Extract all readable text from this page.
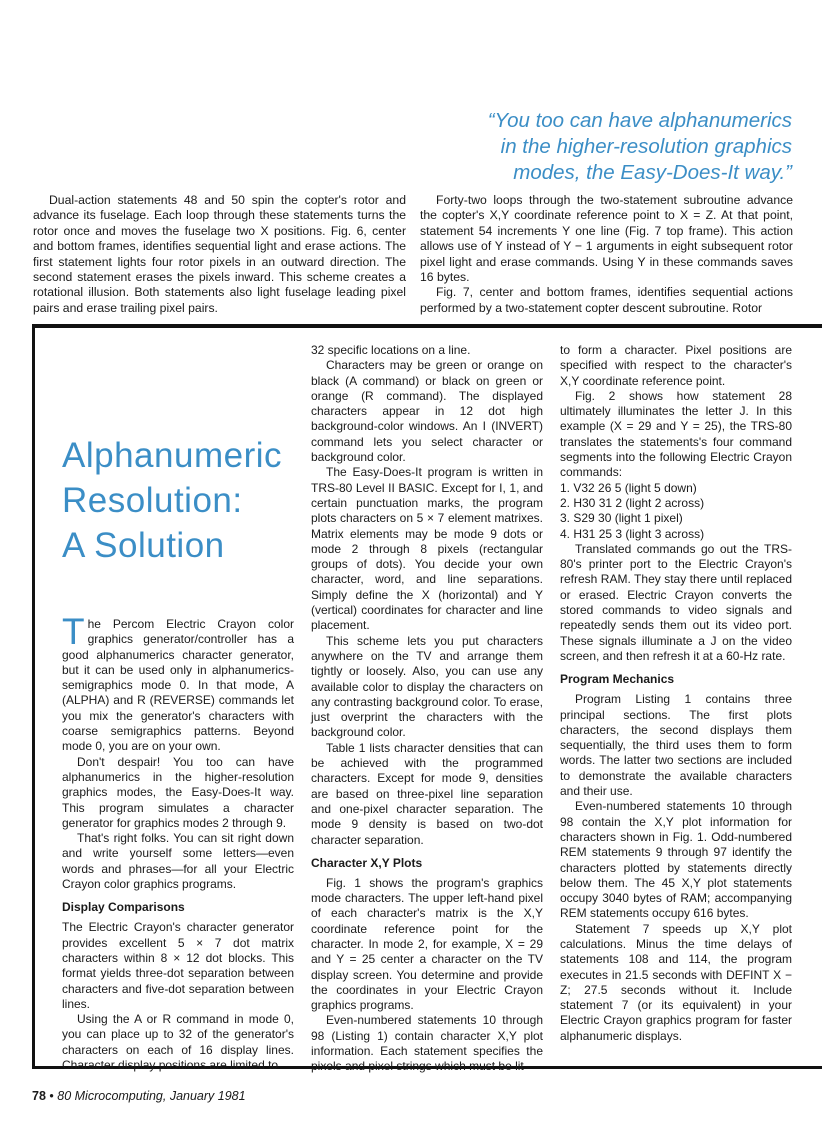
“You too can have alphanumerics
in the higher-resolution graphics
modes, the Easy-Does-It way.”

Dual-action statements 48 and 50 spin the copter's rotor and advance its fuselage. Each loop through these statements turns the rotor once and moves the fuselage two X positions. Fig. 6, center and bottom frames, identifies sequential light and erase actions. The first statement lights four rotor pixels in an outward direction. The second statement erases the pixels inward. This scheme creates a rotational illusion. Both statements also light fuselage leading pixel pairs and erase trailing pixel pairs.

Forty-two loops through the two-statement subroutine advance the copter's X,Y coordinate reference point to X = Z. At that point, statement 54 increments Y one line (Fig. 7 top frame). This action allows use of Y instead of Y − 1 arguments in eight subsequent rotor pixel light and erase commands. Using Y in these commands saves 16 bytes.

Fig. 7, center and bottom frames, identifies sequential actions performed by a two-statement copter descent subroutine. Rotor

Alphanumeric
Resolution:
A Solution

The Percom Electric Crayon color graphics generator/controller has a good alphanumerics character generator, but it can be used only in alphanumerics-semigraphics mode 0. In that mode, A (ALPHA) and R (REVERSE) commands let you mix the generator's characters with coarse semigraphics patterns. Beyond mode 0, you are on your own.

Don't despair! You too can have alphanumerics in the higher-resolution graphics modes, the Easy-Does-It way. This program simulates a character generator for graphics modes 2 through 9.

That's right folks. You can sit right down and write yourself some letters—even words and phrases—for all your Electric Crayon color graphics programs.

Display Comparisons

The Electric Crayon's character generator provides excellent 5 × 7 dot matrix characters within 8 × 12 dot blocks. This format yields three-dot separation between characters and five-dot separation between lines.

Using the A or R command in mode 0, you can place up to 32 of the generator's characters on each of 16 display lines. Character display positions are limited to

32 specific locations on a line.

Characters may be green or orange on black (A command) or black on green or orange (R command). The displayed characters appear in 12 dot high background-color windows. An I (INVERT) command lets you select character or background color.

The Easy-Does-It program is written in TRS-80 Level II BASIC. Except for I, 1, and certain punctuation marks, the program plots characters on 5 × 7 element matrixes. Matrix elements may be mode 9 dots or mode 2 through 8 pixels (rectangular groups of dots). You decide your own character, word, and line separations. Simply define the X (horizontal) and Y (vertical) coordinates for character and line placement.

This scheme lets you put characters anywhere on the TV and arrange them tightly or loosely. Also, you can use any available color to display the characters on any contrasting background color. To erase, just overprint the characters with the background color.

Table 1 lists character densities that can be achieved with the programmed characters. Except for mode 9, densities are based on three-pixel line separation and one-pixel character separation. The mode 9 density is based on two-dot character separation.

Character X,Y Plots

Fig. 1 shows the program's graphics mode characters. The upper left-hand pixel of each character's matrix is the X,Y coordinate reference point for the character. In mode 2, for example, X = 29 and Y = 25 center a character on the TV display screen. You determine and provide the coordinates in your Electric Crayon graphics programs.

Even-numbered statements 10 through 98 (Listing 1) contain character X,Y plot information. Each statement specifies the pixels and pixel strings which must be lit

to form a character. Pixel positions are specified with respect to the character's X,Y coordinate reference point.

Fig. 2 shows how statement 28 ultimately illuminates the letter J. In this example (X = 29 and Y = 25), the TRS-80 translates the statements's four command segments into the following Electric Crayon commands:

1. V32 26 5 (light 5 down)

2. H30 31 2 (light 2 across)

3. S29 30 (light 1 pixel)

4. H31 25 3 (light 3 across)

Translated commands go out the TRS-80's printer port to the Electric Crayon's refresh RAM. They stay there until replaced or erased. Electric Crayon converts the stored commands to video signals and repeatedly sends them out its video port. These signals illuminate a J on the video screen, and then refresh it at a 60-Hz rate.

Program Mechanics

Program Listing 1 contains three principal sections. The first plots characters, the second displays them sequentially, the third uses them to form words. The latter two sections are included to demonstrate the available characters and their use.

Even-numbered statements 10 through 98 contain the X,Y plot information for characters shown in Fig. 1. Odd-numbered REM statements 9 through 97 identify the characters plotted by statements directly below them. The 45 X,Y plot statements occupy 3040 bytes of RAM; accompanying REM statements occupy 616 bytes.

Statement 7 speeds up X,Y plot calculations. Minus the time delays of statements 108 and 114, the program executes in 21.5 seconds with DEFINT X − Z; 27.5 seconds without it. Include statement 7 (or its equivalent) in your Electric Crayon graphics program for faster alphanumeric displays.

78 • 80 Microcomputing, January 1981
